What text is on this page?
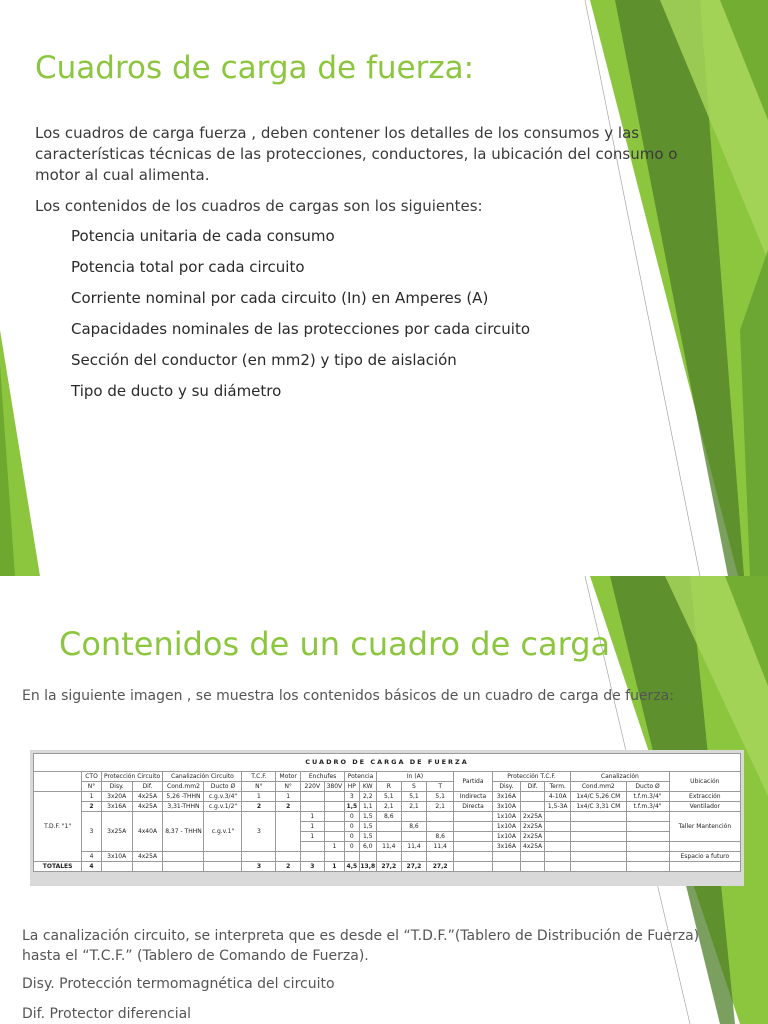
Cuadros de carga de fuerza:
Los cuadros de carga fuerza , deben contener los detalles de los consumos y las características técnicas de las protecciones, conductores, la ubicación del consumo o motor al cual alimenta.
Los contenidos de los cuadros de cargas son los siguientes:
Potencia unitaria de cada consumo
Potencia total por cada circuito
Corriente nominal por cada circuito (In) en Amperes (A)
Capacidades nominales de las protecciones por cada circuito
Sección del conductor (en mm2) y tipo de aislación
Tipo de ducto y su diámetro
Contenidos de un cuadro de carga
En la siguiente imagen , se muestra los contenidos básicos de un cuadro de carga de fuerza:
CUADRO DE CARGA DE FUERZA																					
	CTO	Protección Circuito		Canalización Circuito		T.C.F.	Motor	Enchufes		Potencia		In (A)			Partida	Protección T.C.F.			Canalización		Ubicación
	N°	Disy.	Dif.	Cond.mm2	Ducto Ø	N°	N°	220V	380V	HP	KW	R	S	T		Disy.	Dif.	Term.	Cond.mm2	Ducto Ø	
T.D.F. "1"	1	3x20A	4x25A	5,26 -THHN	c.g.v.3/4"	1	1			3	2,2	5,1	5,1	5,1	Indirecta	3x16A		4-10A	1x4/C 5,26 CM	t.f.m.3/4"	Extracción
	2	3x16A	4x25A	3,31-THHN	c.g.v.1/2"	2	2			1,5	1,1	2,1	2,1	2,1	Directa	3x10A		1,5-3A	1x4/C 3,31 CM	t.f.m.3/4"	Ventilador
	3	3x25A	4x40A	8,37 - THHN	c.g.v.1"	3		1		0	1,5	8,6				1x10A	2x25A				Taller Mantención
								1		0	1,5		8,6			1x10A	2x25A				
								1		0	1,5			8,6		1x10A	2x25A				
									1	0	6,0	11,4	11,4	11,4		3x16A	4x25A				
	4	3x10A	4x25A																		Espacio a futuro
TOTALES	4					3	2	3	1	4,5	13,8	27,2	27,2	27,2							
La canalización circuito, se interpreta que es desde el “T.D.F.”(Tablero de Distribución de Fuerza)
hasta el “T.C.F.” (Tablero de Comando de Fuerza).
Disy. Protección termomagnética del circuito
Dif. Protector diferencial
